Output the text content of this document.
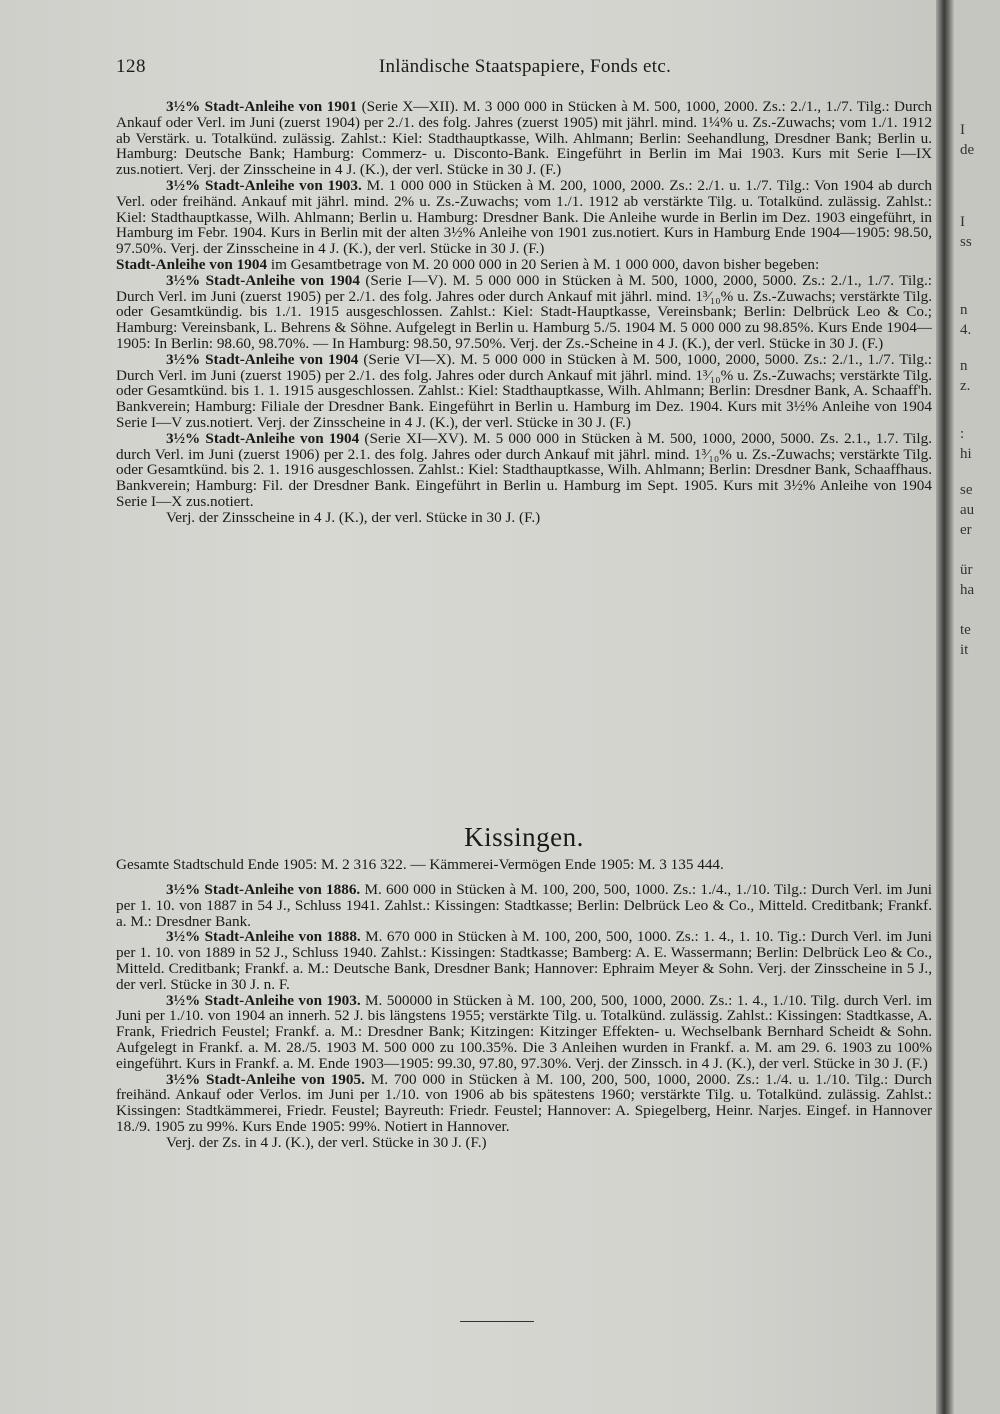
128	Inländische Staatspapiere, Fonds etc.

3½% Stadt-Anleihe von 1901 (Serie X—XII). M. 3 000 000 in Stücken à M. 500, 1000, 2000. Zs.: 2./1., 1./7. Tilg.: Durch Ankauf oder Verl. im Juni (zuerst 1904) per 2./1. des folg. Jahres (zuerst 1905) mit jährl. mind. 1¼% u. Zs.-Zuwachs; vom 1./1. 1912 ab Verstärk. u. Totalkünd. zulässig. Zahlst.: Kiel: Stadthauptkasse, Wilh. Ahlmann; Berlin: Seehandlung, Dresdner Bank; Berlin u. Hamburg: Deutsche Bank; Hamburg: Commerz- u. Disconto-Bank. Eingeführt in Berlin im Mai 1903. Kurs mit Serie I—IX zus.notiert. Verj. der Zinsscheine in 4 J. (K.), der verl. Stücke in 30 J. (F.)

3½% Stadt-Anleihe von 1903. M. 1 000 000 in Stücken à M. 200, 1000, 2000. Zs.: 2./1. u. 1./7. Tilg.: Von 1904 ab durch Verl. oder freihänd. Ankauf mit jährl. mind. 2% u. Zs.-Zuwachs; vom 1./1. 1912 ab verstärkte Tilg. u. Totalkünd. zulässig. Zahlst.: Kiel: Stadthauptkasse, Wilh. Ahlmann; Berlin u. Hamburg: Dresdner Bank. Die Anleihe wurde in Berlin im Dez. 1903 eingeführt, in Hamburg im Febr. 1904. Kurs in Berlin mit der alten 3½% Anleihe von 1901 zus.notiert. Kurs in Hamburg Ende 1904—1905: 98.50, 97.50%. Verj. der Zinsscheine in 4 J. (K.), der verl. Stücke in 30 J. (F.)

Stadt-Anleihe von 1904 im Gesamtbetrage von M. 20 000 000 in 20 Serien à M. 1 000 000, davon bisher begeben:

3½% Stadt-Anleihe von 1904 (Serie I—V). M. 5 000 000 in Stücken à M. 500, 1000, 2000, 5000. Zs.: 2./1., 1./7. Tilg.: Durch Verl. im Juni (zuerst 1905) per 2./1. des folg. Jahres oder durch Ankauf mit jährl. mind. 1³⁄₁₀% u. Zs.-Zuwachs; verstärkte Tilg. oder Gesamtkündig. bis 1./1. 1915 ausgeschlossen. Zahlst.: Kiel: Stadt-Hauptkasse, Vereinsbank; Berlin: Delbrück Leo & Co.; Hamburg: Vereinsbank, L. Behrens & Söhne. Aufgelegt in Berlin u. Hamburg 5./5. 1904 M. 5 000 000 zu 98.85%. Kurs Ende 1904—1905: In Berlin: 98.60, 98.70%. — In Hamburg: 98.50, 97.50%. Verj. der Zs.-Scheine in 4 J. (K.), der verl. Stücke in 30 J. (F.)

3½% Stadt-Anleihe von 1904 (Serie VI—X). M. 5 000 000 in Stücken à M. 500, 1000, 2000, 5000. Zs.: 2./1., 1./7. Tilg.: Durch Verl. im Juni (zuerst 1905) per 2./1. des folg. Jahres oder durch Ankauf mit jährl. mind. 1³⁄₁₀% u. Zs.-Zuwachs; verstärkte Tilg. oder Gesamtkünd. bis 1. 1. 1915 ausgeschlossen. Zahlst.: Kiel: Stadthauptkasse, Wilh. Ahlmann; Berlin: Dresdner Bank, A. Schaaff'h. Bankverein; Hamburg: Filiale der Dresdner Bank. Eingeführt in Berlin u. Hamburg im Dez. 1904. Kurs mit 3½% Anleihe von 1904 Serie I—V zus.notiert. Verj. der Zinsscheine in 4 J. (K.), der verl. Stücke in 30 J. (F.)

3½% Stadt-Anleihe von 1904 (Serie XI—XV). M. 5 000 000 in Stücken à M. 500, 1000, 2000, 5000. Zs. 2.1., 1.7. Tilg. durch Verl. im Juni (zuerst 1906) per 2.1. des folg. Jahres oder durch Ankauf mit jährl. mind. 1³⁄₁₀% u. Zs.-Zuwachs; verstärkte Tilg. oder Gesamtkünd. bis 2. 1. 1916 ausgeschlossen. Zahlst.: Kiel: Stadthauptkasse, Wilh. Ahlmann; Berlin: Dresdner Bank, Schaaffhaus. Bankverein; Hamburg: Fil. der Dresdner Bank. Eingeführt in Berlin u. Hamburg im Sept. 1905. Kurs mit 3½% Anleihe von 1904 Serie I—X zus.notiert.

Verj. der Zinsscheine in 4 J. (K.), der verl. Stücke in 30 J. (F.)

Kissingen.

Gesamte Stadtschuld Ende 1905: M. 2 316 322. — Kämmerei-Vermögen Ende 1905: M. 3 135 444.

3½% Stadt-Anleihe von 1886. M. 600 000 in Stücken à M. 100, 200, 500, 1000. Zs.: 1./4., 1./10. Tilg.: Durch Verl. im Juni per 1. 10. von 1887 in 54 J., Schluss 1941. Zahlst.: Kissingen: Stadtkasse; Berlin: Delbrück Leo & Co., Mitteld. Creditbank; Frankf. a. M.: Dresdner Bank.

3½% Stadt-Anleihe von 1888. M. 670 000 in Stücken à M. 100, 200, 500, 1000. Zs.: 1. 4., 1. 10. Tig.: Durch Verl. im Juni per 1. 10. von 1889 in 52 J., Schluss 1940. Zahlst.: Kissingen: Stadtkasse; Bamberg: A. E. Wassermann; Berlin: Delbrück Leo & Co., Mitteld. Creditbank; Frankf. a. M.: Deutsche Bank, Dresdner Bank; Hannover: Ephraim Meyer & Sohn. Verj. der Zinsscheine in 5 J., der verl. Stücke in 30 J. n. F.

3½% Stadt-Anleihe von 1903. M. 500000 in Stücken à M. 100, 200, 500, 1000, 2000. Zs.: 1. 4., 1./10. Tilg. durch Verl. im Juni per 1./10. von 1904 an innerh. 52 J. bis längstens 1955; verstärkte Tilg. u. Totalkünd. zulässig. Zahlst.: Kissingen: Stadtkasse, A. Frank, Friedrich Feustel; Frankf. a. M.: Dresdner Bank; Kitzingen: Kitzinger Effekten- u. Wechselbank Bernhard Scheidt & Sohn. Aufgelegt in Frankf. a. M. 28./5. 1903 M. 500 000 zu 100.35%. Die 3 Anleihen wurden in Frankf. a. M. am 29. 6. 1903 zu 100% eingeführt. Kurs in Frankf. a. M. Ende 1903—1905: 99.30, 97.80, 97.30%. Verj. der Zinssch. in 4 J. (K.), der verl. Stücke in 30 J. (F.)

3½% Stadt-Anleihe von 1905. M. 700 000 in Stücken à M. 100, 200, 500, 1000, 2000. Zs.: 1./4. u. 1./10. Tilg.: Durch freihänd. Ankauf oder Verlos. im Juni per 1./10. von 1906 ab bis spätestens 1960; verstärkte Tilg. u. Totalkünd. zulässig. Zahlst.: Kissingen: Stadtkämmerei, Friedr. Feustel; Bayreuth: Friedr. Feustel; Hannover: A. Spiegelberg, Heinr. Narjes. Eingef. in Hannover 18./9. 1905 zu 99%. Kurs Ende 1905: 99%. Notiert in Hannover.

Verj. der Zs. in 4 J. (K.), der verl. Stücke in 30 J. (F.)

I
de
I
ss
n
4.
n
z.
:
hi
se
au
er
ür
ha
te
it
